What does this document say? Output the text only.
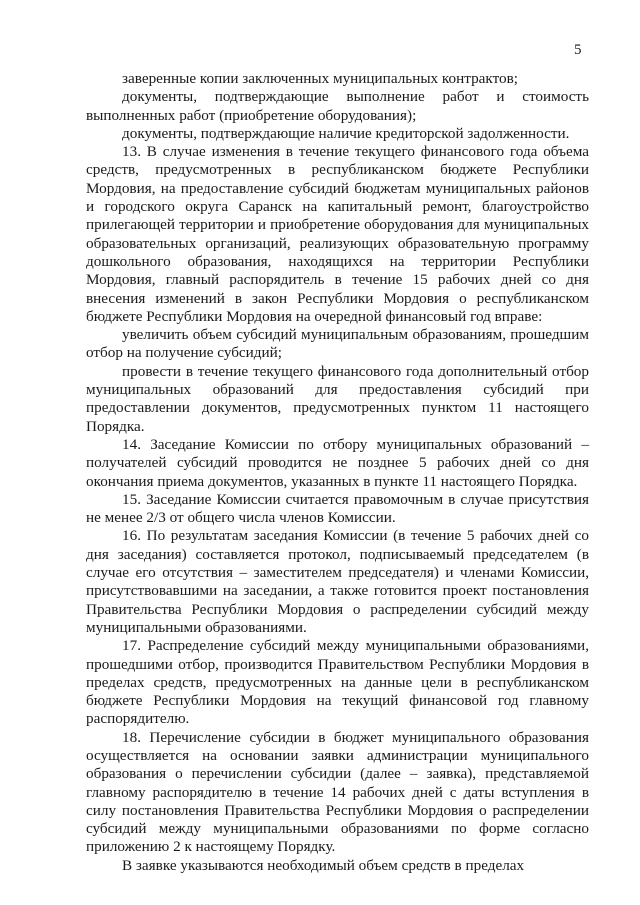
5

заверенные копии заключенных муниципальных контрактов;

документы, подтверждающие выполнение работ и стоимость выполненных работ (приобретение оборудования);

документы, подтверждающие наличие кредиторской задолженности.

13. В случае изменения в течение текущего финансового года объема средств, предусмотренных в республиканском бюджете Республики Мордовия, на предоставление субсидий бюджетам муниципальных районов и городского округа Саранск на капитальный ремонт, благоустройство прилегающей территории и приобретение оборудования для муниципальных образовательных организаций, реализующих образовательную программу дошкольного образования, находящихся на территории Республики Мордовия, главный распорядитель в течение 15 рабочих дней со дня внесения изменений в закон Республики Мордовия о республиканском бюджете Республики Мордовия на очередной финансовый год вправе:

увеличить объем субсидий муниципальным образованиям, прошедшим отбор на получение субсидий;

провести в течение текущего финансового года дополнительный отбор муниципальных образований для предоставления субсидий при предоставлении документов, предусмотренных пунктом 11 настоящего Порядка.

14. Заседание Комиссии по отбору муниципальных образований – получателей субсидий проводится не позднее 5 рабочих дней со дня окончания приема документов, указанных в пункте 11 настоящего Порядка.

15. Заседание Комиссии считается правомочным в случае присутствия не менее 2/3 от общего числа членов Комиссии.

16. По результатам заседания Комиссии (в течение 5 рабочих дней со дня заседания) составляется протокол, подписываемый председателем (в случае его отсутствия – заместителем председателя) и членами Комиссии, присутствовавшими на заседании, а также готовится проект постановления Правительства Республики Мордовия о распределении субсидий между муниципальными образованиями.

17. Распределение субсидий между муниципальными образованиями, прошедшими отбор, производится Правительством Республики Мордовия в пределах средств, предусмотренных на данные цели в республиканском бюджете Республики Мордовия на текущий финансовой год главному распорядителю.

18. Перечисление субсидии в бюджет муниципального образования осуществляется на основании заявки администрации муниципального образования о перечислении субсидии (далее – заявка), представляемой главному распорядителю в течение 14 рабочих дней с даты вступления в силу постановления Правительства Республики Мордовия о распределении субсидий между муниципальными образованиями по форме согласно приложению 2 к настоящему Порядку.

В заявке указываются необходимый объем средств в пределах
